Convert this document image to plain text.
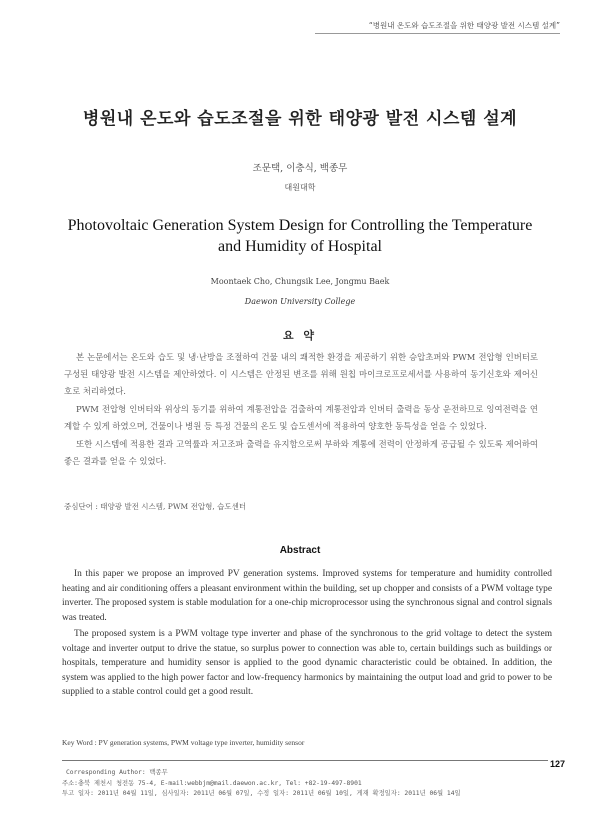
“병원내 온도와 습도조절을 위한 태양광 발전 시스템 설계”
병원내 온도와 습도조절을 위한 태양광 발전 시스템 설계
조문택, 이충식, 백종무
대원대학
Photovoltaic Generation System Design for Controlling the Temperature
and Humidity of Hospital
Moontaek Cho, Chungsik Lee, Jongmu Baek
Daewon University College
요 약

본 논문에서는 온도와 습도 및 냉·난방을 조절하여 건물 내의 쾌적한 환경을 제공하기 위한 승압초퍼와 PWM 전압형 인버터로 구성된 태양광 발전 시스템을 제안하였다. 이 시스템은 안정된 변조를 위해 원칩 마이크로프로세서를 사용하여 동기신호와 제어신호로 처리하였다.

PWM 전압형 인버터와 위상의 동기를 위하여 계통전압을 검출하여 계통전압과 인버터 출력을 동상 운전하므로 잉여전력을 연계할 수 있게 하였으며, 건물이나 병원 등 특정 건물의 온도 및 습도센서에 적용하여 양호한 동특성을 얻을 수 있었다.

또한 시스템에 적용한 결과 고역률과 저고조파 출력을 유지함으로써 부하와 계통에 전력이 안정하게 공급될 수 있도록 제어하여 좋은 결과를 얻을 수 있었다.

중심단어 : 태양광 발전 시스템, PWM 전압형, 습도센터
Abstract

In this paper we propose an improved PV generation systems. Improved systems for temperature and humidity controlled heating and air conditioning offers a pleasant environment within the building, set up chopper and consists of a PWM voltage type inverter. The proposed system is stable modulation for a one-chip microprocessor using the synchronous signal and control signals was treated.

The proposed system is a PWM voltage type inverter and phase of the synchronous to the grid voltage to detect the system voltage and inverter output to drive the statue, so surplus power to connection was able to, certain buildings such as buildings or hospitals, temperature and humidity sensor is applied to the good dynamic characteristic could be obtained. In addition, the system was applied to the high power factor and low-frequency harmonics by maintaining the output load and grid to power to be supplied to a stable control could get a good result.

Key Word : PV generation systems, PWM voltage type inverter, humidity sensor
127
Corresponding Author: 백종무
주소:충북 제천시 청전동 75-4, E-mail:webbjm@mail.daewon.ac.kr, Tel: +82-19-497-8901
투고 일자: 2011년 04월 11일, 심사일자: 2011년 06월 07일, 수정 일자: 2011년 06월 10일, 게재 확정일자: 2011년 06월 14일
